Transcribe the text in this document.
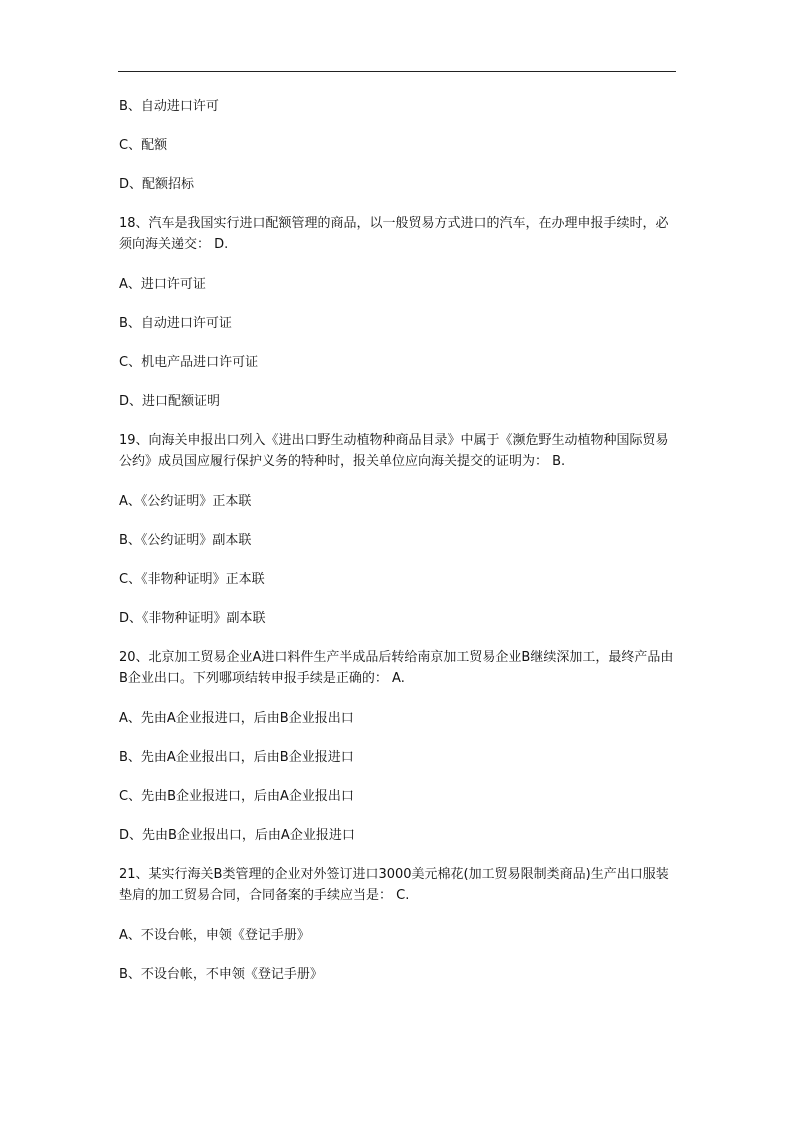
B、自动进口许可

C、配额

D、配额招标

18、汽车是我国实行进口配额管理的商品，以一般贸易方式进口的汽车，在办理申报手续时，必须向海关递交： D.

A、进口许可证

B、自动进口许可证

C、机电产品进口许可证

D、进口配额证明

19、向海关申报出口列入《进出口野生动植物种商品目录》中属于《濒危野生动植物种国际贸易公约》成员国应履行保护义务的特种时，报关单位应向海关提交的证明为： B.

A、《公约证明》正本联

B、《公约证明》副本联

C、《非物种证明》正本联

D、《非物种证明》副本联

20、北京加工贸易企业A进口料件生产半成品后转给南京加工贸易企业B继续深加工，最终产品由B企业出口。下列哪项结转申报手续是正确的： A.

A、先由A企业报进口，后由B企业报出口

B、先由A企业报出口，后由B企业报进口

C、先由B企业报进口，后由A企业报出口

D、先由B企业报出口，后由A企业报进口

21、某实行海关B类管理的企业对外签订进口3000美元棉花(加工贸易限制类商品)生产出口服装垫肩的加工贸易合同，合同备案的手续应当是： C.

A、不设台帐，申领《登记手册》

B、不设台帐，不申领《登记手册》
